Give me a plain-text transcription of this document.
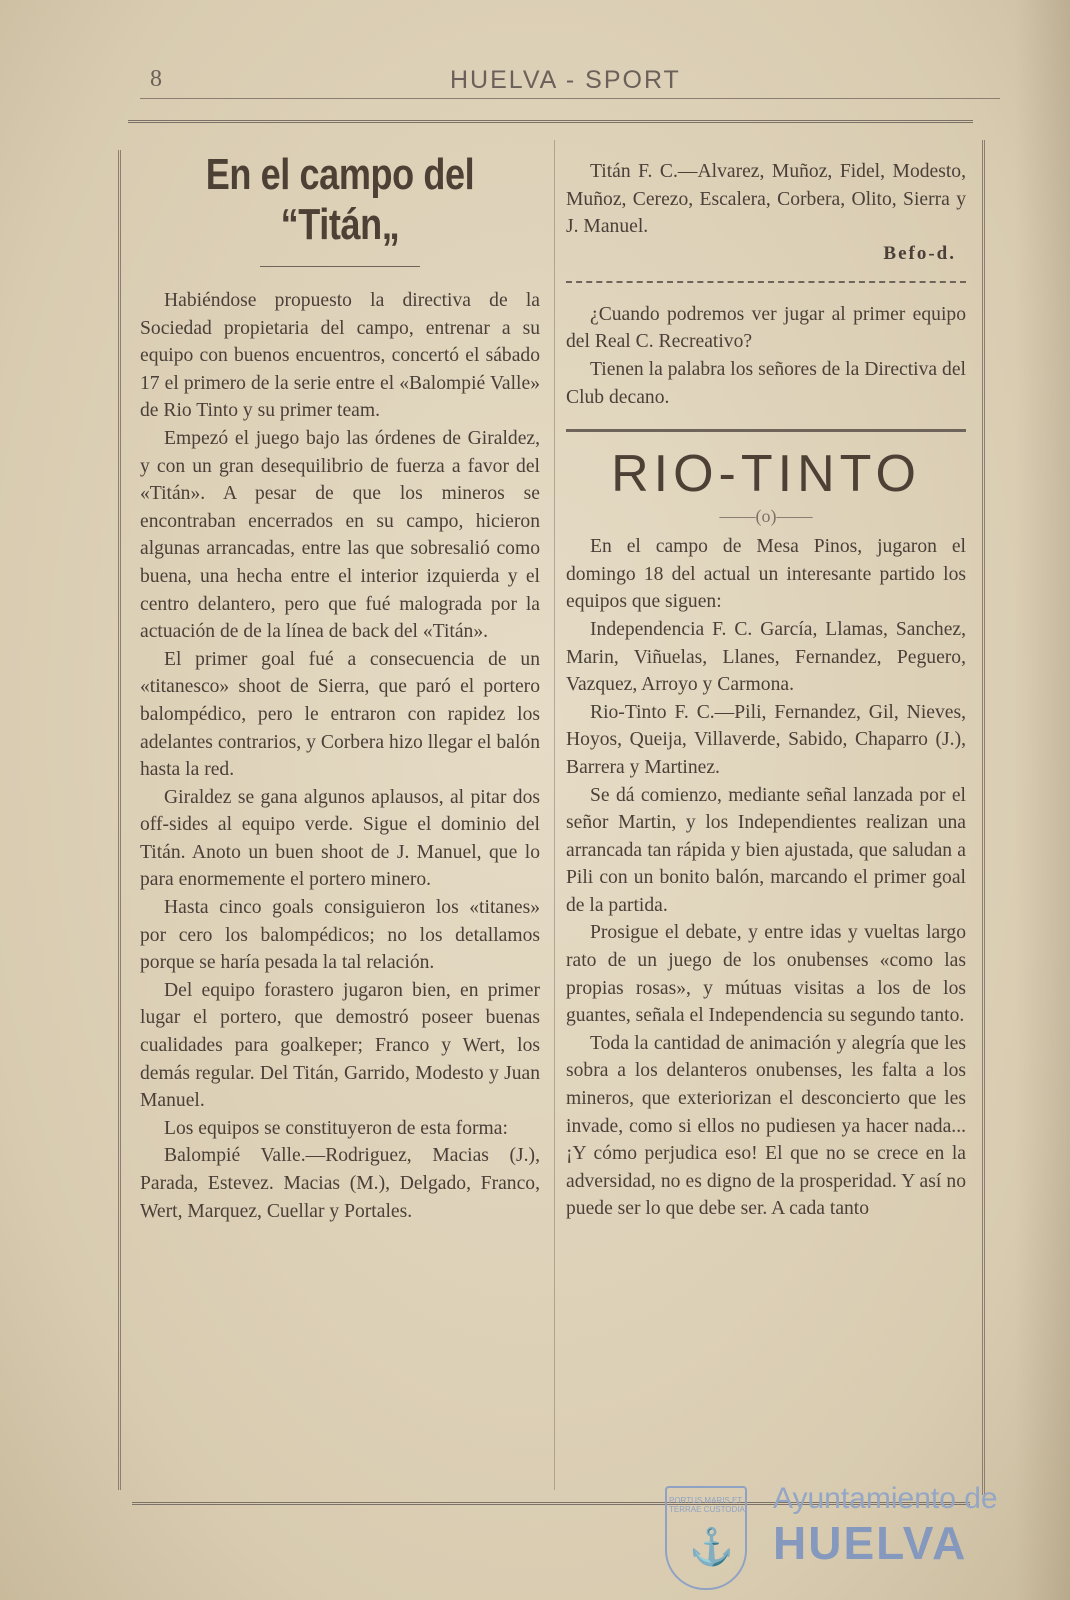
8	HUELVA - SPORT
En el campo del “Titán„

Habiéndose propuesto la directiva de la Sociedad propietaria del campo, entrenar a su equipo con buenos encuentros, concertó el sábado 17 el primero de la serie entre el «Balompié Valle» de Rio Tinto y su primer team.

Empezó el juego bajo las órdenes de Giraldez, y con un gran desequilibrio de fuerza a favor del «Titán». A pesar de que los mineros se encontraban encerrados en su campo, hicieron algunas arrancadas, entre las que sobresalió como buena, una hecha entre el interior izquierda y el centro delantero, pero que fué malograda por la actuación de de la línea de back del «Titán».

El primer goal fué a consecuencia de un «titanesco» shoot de Sierra, que paró el portero balompédico, pero le entraron con rapidez los adelantes contrarios, y Corbera hizo llegar el balón hasta la red.

Giraldez se gana algunos aplausos, al pitar dos off-sides al equipo verde. Sigue el dominio del Titán. Anoto un buen shoot de J. Manuel, que lo para enormemente el portero minero.

Hasta cinco goals consiguieron los «titanes» por cero los balompédicos; no los detallamos porque se haría pesada la tal relación.

Del equipo forastero jugaron bien, en primer lugar el portero, que demostró poseer buenas cualidades para goalkeper; Franco y Wert, los demás regular. Del Titán, Garrido, Modesto y Juan Manuel.

Los equipos se constituyeron de esta forma:

Balompié Valle.—Rodriguez, Macias (J.), Parada, Estevez. Macias (M.), Delgado, Franco, Wert, Marquez, Cuellar y Portales.

Titán F. C.—Alvarez, Muñoz, Fidel, Modesto, Muñoz, Cerezo, Escalera, Corbera, Olito, Sierra y J. Manuel.

Befo-d.

¿Cuando podremos ver jugar al primer equipo del Real C. Recreativo?

Tienen la palabra los señores de la Directiva del Club decano.

RIO-TINTO
——(o)——

En el campo de Mesa Pinos, jugaron el domingo 18 del actual un interesante partido los equipos que siguen:

Independencia F. C. García, Llamas, Sanchez, Marin, Viñuelas, Llanes, Fernandez, Peguero, Vazquez, Arroyo y Carmona.

Rio-Tinto F. C.—Pili, Fernandez, Gil, Nieves, Hoyos, Queija, Villaverde, Sabido, Chaparro (J.), Barrera y Martinez.

Se dá comienzo, mediante señal lanzada por el señor Martin, y los Independientes realizan una arrancada tan rápida y bien ajustada, que saludan a Pili con un bonito balón, marcando el primer goal de la partida.

Prosigue el debate, y entre idas y vueltas largo rato de un juego de los onubenses «como las propias rosas», y mútuas visitas a los de los guantes, señala el Independencia su segundo tanto.

Toda la cantidad de animación y alegría que les sobra a los delanteros onubenses, les falta a los mineros, que exteriorizan el desconcierto que les invade, como si ellos no pudiesen ya hacer nada... ¡Y cómo perjudica eso! El que no se crece en la adversidad, no es digno de la prosperidad. Y así no puede ser lo que debe ser. A cada tanto

PORTUS MARIS ET TERRAE CUSTODIA
⚓
Ayuntamiento de
HUELVA
